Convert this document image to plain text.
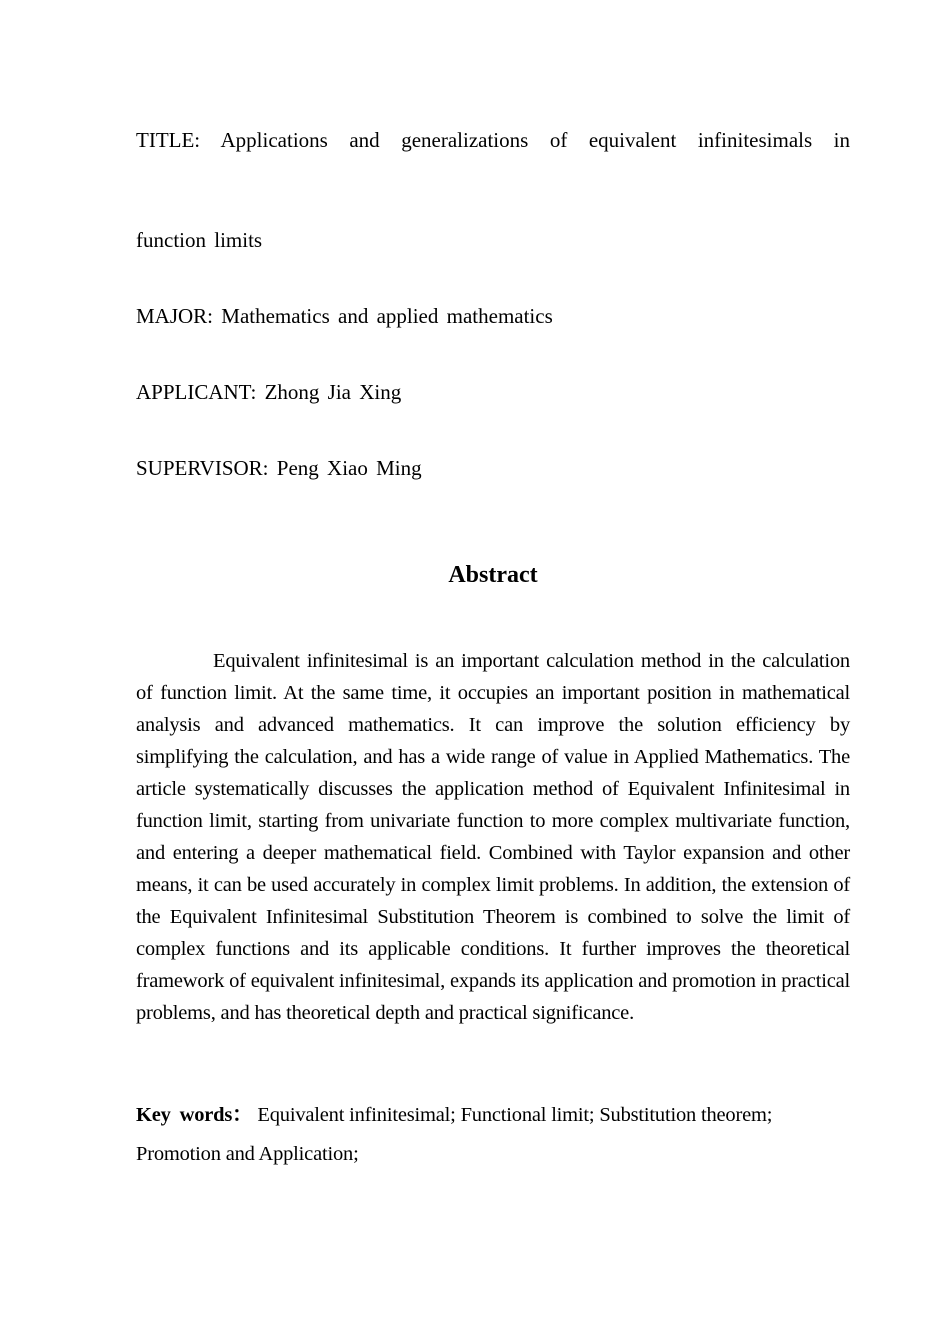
TITLE: Applications and generalizations of equivalent infinitesimals in
function limits
MAJOR: Mathematics and applied mathematics
APPLICANT: Zhong Jia Xing
SUPERVISOR: Peng Xiao Ming
Abstract

Equivalent infinitesimal is an important calculation method in the calculation of function limit. At the same time, it occupies an important position in mathematical analysis and advanced mathematics. It can improve the solution efficiency by simplifying the calculation, and has a wide range of value in Applied Mathematics. The article systematically discusses the application method of Equivalent Infinitesimal in function limit, starting from univariate function to more complex multivariate function, and entering a deeper mathematical field. Combined with Taylor expansion and other means, it can be used accurately in complex limit problems. In addition, the extension of the Equivalent Infinitesimal Substitution Theorem is combined to solve the limit of complex functions and its applicable conditions. It further improves the theoretical framework of equivalent infinitesimal, expands its application and promotion in practical problems, and has theoretical depth and practical significance.

Key words： Equivalent infinitesimal; Functional limit; Substitution theorem; Promotion and Application;
